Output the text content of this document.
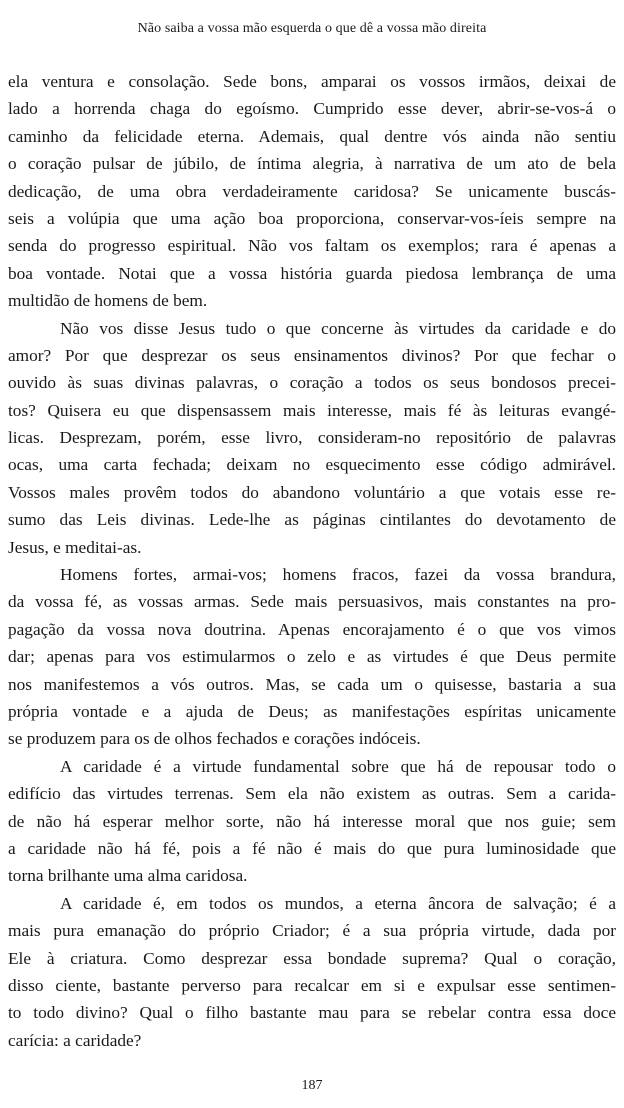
Não saiba a vossa mão esquerda o que dê a vossa mão direita
ela ventura e consolação. Sede bons, amparai os vossos irmãos, deixai de
lado a horrenda chaga do egoísmo. Cumprido esse dever, abrir-se-vos-á o
caminho da felicidade eterna. Ademais, qual dentre vós ainda não sentiu
o coração pulsar de júbilo, de íntima alegria, à narrativa de um ato de bela
dedicação, de uma obra verdadeiramente caridosa? Se unicamente buscás-
seis a volúpia que uma ação boa proporciona, conservar-vos-íeis sempre na
senda do progresso espiritual. Não vos faltam os exemplos; rara é apenas a
boa vontade. Notai que a vossa história guarda piedosa lembrança de uma
multidão de homens de bem.
Não vos disse Jesus tudo o que concerne às virtudes da caridade e do
amor? Por que desprezar os seus ensinamentos divinos? Por que fechar o
ouvido às suas divinas palavras, o coração a todos os seus bondosos precei-
tos? Quisera eu que dispensassem mais interesse, mais fé às leituras evangé-
licas. Desprezam, porém, esse livro, consideram-no repositório de palavras
ocas, uma carta fechada; deixam no esquecimento esse código admirável.
Vossos males provêm todos do abandono voluntário a que votais esse re-
sumo das Leis divinas. Lede-lhe as páginas cintilantes do devotamento de
Jesus, e meditai-as.
Homens fortes, armai-vos; homens fracos, fazei da vossa brandura,
da vossa fé, as vossas armas. Sede mais persuasivos, mais constantes na pro-
pagação da vossa nova doutrina. Apenas encorajamento é o que vos vimos
dar; apenas para vos estimularmos o zelo e as virtudes é que Deus permite
nos manifestemos a vós outros. Mas, se cada um o quisesse, bastaria a sua
própria vontade e a ajuda de Deus; as manifestações espíritas unicamente
se produzem para os de olhos fechados e corações indóceis.
A caridade é a virtude fundamental sobre que há de repousar todo o
edifício das virtudes terrenas. Sem ela não existem as outras. Sem a carida-
de não há esperar melhor sorte, não há interesse moral que nos guie; sem
a caridade não há fé, pois a fé não é mais do que pura luminosidade que
torna brilhante uma alma caridosa.
A caridade é, em todos os mundos, a eterna âncora de salvação; é a
mais pura emanação do próprio Criador; é a sua própria virtude, dada por
Ele à criatura. Como desprezar essa bondade suprema? Qual o coração,
disso ciente, bastante perverso para recalcar em si e expulsar esse sentimen-
to todo divino? Qual o filho bastante mau para se rebelar contra essa doce
carícia: a caridade?
187
